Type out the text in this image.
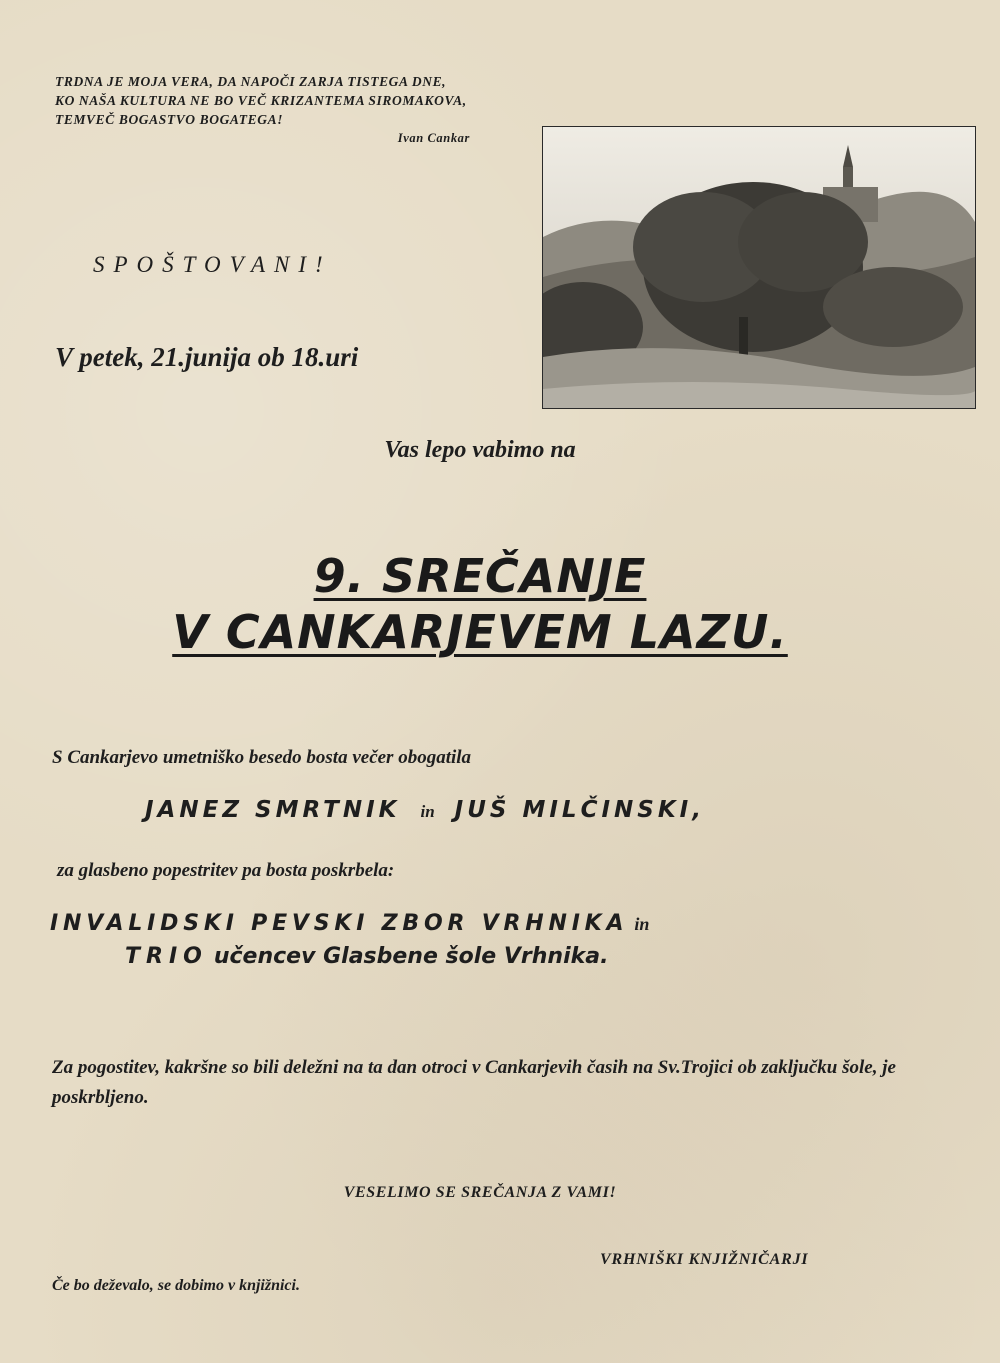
TRDNA JE MOJA VERA, DA NAPOČI ZARJA TISTEGA DNE,
KO NAŠA KULTURA NE BO VEČ KRIZANTEMA SIROMAKOVA,
TEMVEČ BOGASTVO BOGATEGA!
Ivan Cankar
SPOŠTOVANI!
V petek, 21.junija ob 18.uri
Vas lepo vabimo na
9. SREČANJE
V CANKARJEVEM LAZU.
S Cankarjevo umetniško besedo bosta večer obogatila
JANEZ SMRTNIK in JUŠ MILČINSKI,
za glasbeno popestritev pa bosta poskrbela:
INVALIDSKI PEVSKI ZBOR VRHNIKA in
TRIO učencev Glasbene šole Vrhnika.
Za pogostitev, kakršne so bili deležni na ta dan otroci v Cankarjevih časih na Sv.Trojici ob zaključku šole, je poskrbljeno.
VESELIMO SE SREČANJA Z VAMI!
VRHNIŠKI KNJIŽNIČARJI
Če bo deževalo, se dobimo v knjižnici.
